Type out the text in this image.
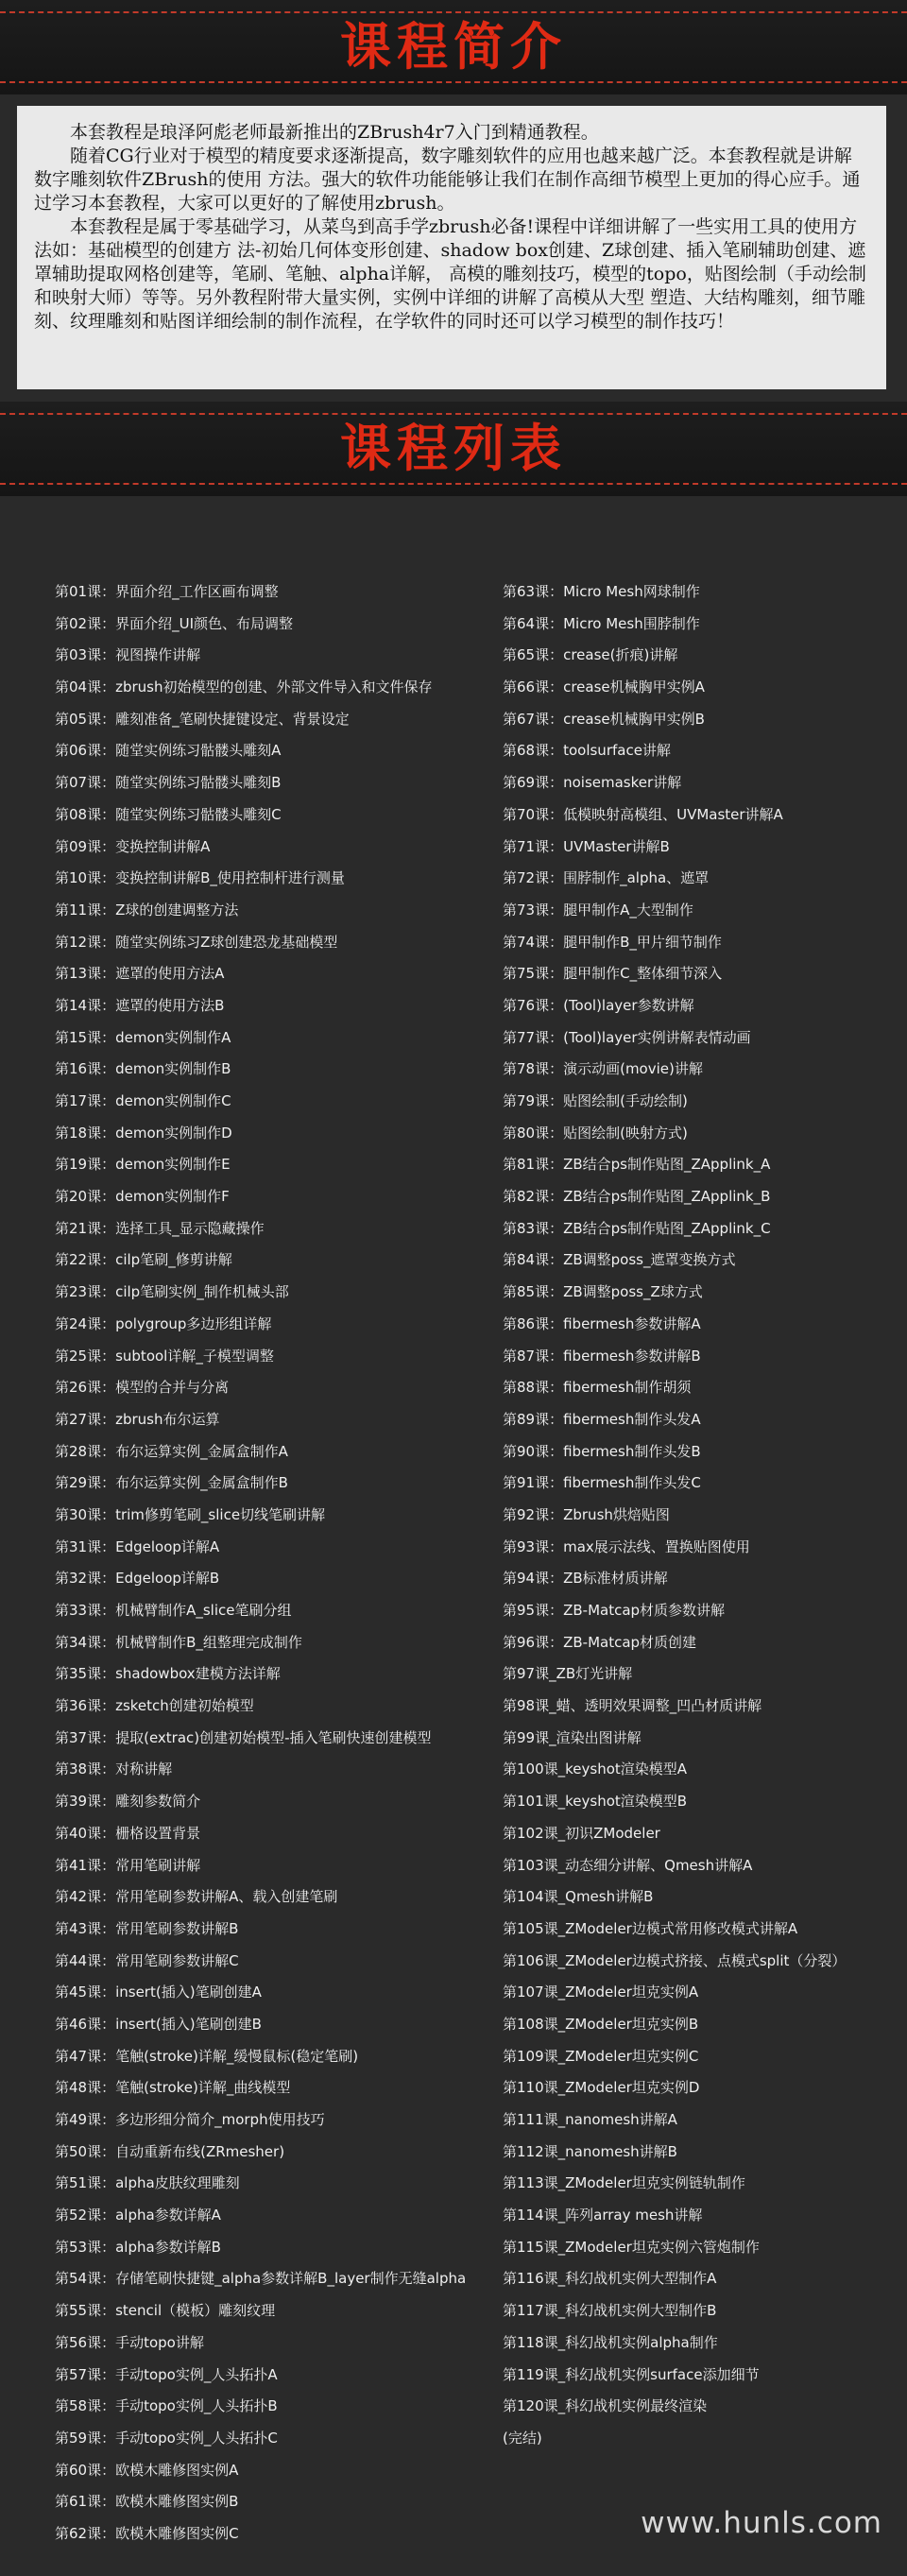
课程简介

本套教程是琅泽阿彪老师最新推出的ZBrush4r7入门到精通教程。

随着CG行业对于模型的精度要求逐渐提高，数字雕刻软件的应用也越来越广泛。本套教程就是讲解数字雕刻软件ZBrush的使用 方法。强大的软件功能能够让我们在制作高细节模型上更加的得心应手。通过学习本套教程，大家可以更好的了解使用zbrush。

本套教程是属于零基础学习，从菜鸟到高手学zbrush必备!课程中详细讲解了一些实用工具的使用方法如：基础模型的创建方 法-初始几何体变形创建、shadow box创建、Z球创建、插入笔刷辅助创建、遮罩辅助提取网格创建等，笔刷、笔触、alpha详解， 高模的雕刻技巧，模型的topo，贴图绘制（手动绘制和映射大师）等等。另外教程附带大量实例，实例中详细的讲解了高模从大型 塑造、大结构雕刻，细节雕刻、纹理雕刻和贴图详细绘制的制作流程，在学软件的同时还可以学习模型的制作技巧！

课程列表
第01课：界面介绍_工作区画布调整
第02课：界面介绍_UI颜色、布局调整
第03课：视图操作讲解
第04课：zbrush初始模型的创建、外部文件导入和文件保存
第05课：雕刻准备_笔刷快捷键设定、背景设定
第06课：随堂实例练习骷髅头雕刻A
第07课：随堂实例练习骷髅头雕刻B
第08课：随堂实例练习骷髅头雕刻C
第09课：变换控制讲解A
第10课：变换控制讲解B_使用控制杆进行测量
第11课：Z球的创建调整方法
第12课：随堂实例练习Z球创建恐龙基础模型
第13课：遮罩的使用方法A
第14课：遮罩的使用方法B
第15课：demon实例制作A
第16课：demon实例制作B
第17课：demon实例制作C
第18课：demon实例制作D
第19课：demon实例制作E
第20课：demon实例制作F
第21课：选择工具_显示隐藏操作
第22课：cilp笔刷_修剪讲解
第23课：cilp笔刷实例_制作机械头部
第24课：polygroup多边形组详解
第25课：subtool详解_子模型调整
第26课：模型的合并与分离
第27课：zbrush布尔运算
第28课：布尔运算实例_金属盒制作A
第29课：布尔运算实例_金属盒制作B
第30课：trim修剪笔刷_slice切线笔刷讲解
第31课：Edgeloop详解A
第32课：Edgeloop详解B
第33课：机械臂制作A_slice笔刷分组
第34课：机械臂制作B_组整理完成制作
第35课：shadowbox建模方法详解
第36课：zsketch创建初始模型
第37课：提取(extrac)创建初始模型-插入笔刷快速创建模型
第38课：对称讲解
第39课：雕刻参数简介
第40课：栅格设置背景
第41课：常用笔刷讲解
第42课：常用笔刷参数讲解A、载入创建笔刷
第43课：常用笔刷参数讲解B
第44课：常用笔刷参数讲解C
第45课：insert(插入)笔刷创建A
第46课：insert(插入)笔刷创建B
第47课：笔触(stroke)详解_缓慢鼠标(稳定笔刷)
第48课：笔触(stroke)详解_曲线模型
第49课：多边形细分简介_morph使用技巧
第50课：自动重新布线(ZRmesher)
第51课：alpha皮肤纹理雕刻
第52课：alpha参数详解A
第53课：alpha参数详解B
第54课：存储笔刷快捷键_alpha参数详解B_layer制作无缝alpha
第55课：stencil（模板）雕刻纹理
第56课：手动topo讲解
第57课：手动topo实例_人头拓扑A
第58课：手动topo实例_人头拓扑B
第59课：手动topo实例_人头拓扑C
第60课：欧模木雕修图实例A
第61课：欧模木雕修图实例B
第62课：欧模木雕修图实例C
第63课：Micro Mesh网球制作
第64课：Micro Mesh围脖制作
第65课：crease(折痕)讲解
第66课：crease机械胸甲实例A
第67课：crease机械胸甲实例B
第68课：toolsurface讲解
第69课：noisemasker讲解
第70课：低模映射高模组、UVMaster讲解A
第71课：UVMaster讲解B
第72课：围脖制作_alpha、遮罩
第73课：腿甲制作A_大型制作
第74课：腿甲制作B_甲片细节制作
第75课：腿甲制作C_整体细节深入
第76课：(Tool)layer参数讲解
第77课：(Tool)layer实例讲解表情动画
第78课：演示动画(movie)讲解
第79课：贴图绘制(手动绘制)
第80课：贴图绘制(映射方式)
第81课：ZB结合ps制作贴图_ZApplink_A
第82课：ZB结合ps制作贴图_ZApplink_B
第83课：ZB结合ps制作贴图_ZApplink_C
第84课：ZB调整poss_遮罩变换方式
第85课：ZB调整poss_Z球方式
第86课：fibermesh参数讲解A
第87课：fibermesh参数讲解B
第88课：fibermesh制作胡须
第89课：fibermesh制作头发A
第90课：fibermesh制作头发B
第91课：fibermesh制作头发C
第92课：Zbrush烘焙贴图
第93课：max展示法线、置换贴图使用
第94课：ZB标准材质讲解
第95课：ZB-Matcap材质参数讲解
第96课：ZB-Matcap材质创建
第97课_ZB灯光讲解
第98课_蜡、透明效果调整_凹凸材质讲解
第99课_渲染出图讲解
第100课_keyshot渲染模型A
第101课_keyshot渲染模型B
第102课_初识ZModeler
第103课_动态细分讲解、Qmesh讲解A
第104课_Qmesh讲解B
第105课_ZModeler边模式常用修改模式讲解A
第106课_ZModeler边模式挤接、点模式split（分裂）
第107课_ZModeler坦克实例A
第108课_ZModeler坦克实例B
第109课_ZModeler坦克实例C
第110课_ZModeler坦克实例D
第111课_nanomesh讲解A
第112课_nanomesh讲解B
第113课_ZModeler坦克实例链轨制作
第114课_阵列array mesh讲解
第115课_ZModeler坦克实例六管炮制作
第116课_科幻战机实例大型制作A
第117课_科幻战机实例大型制作B
第118课_科幻战机实例alpha制作
第119课_科幻战机实例surface添加细节
第120课_科幻战机实例最终渲染
(完结)
www.hunls.com
